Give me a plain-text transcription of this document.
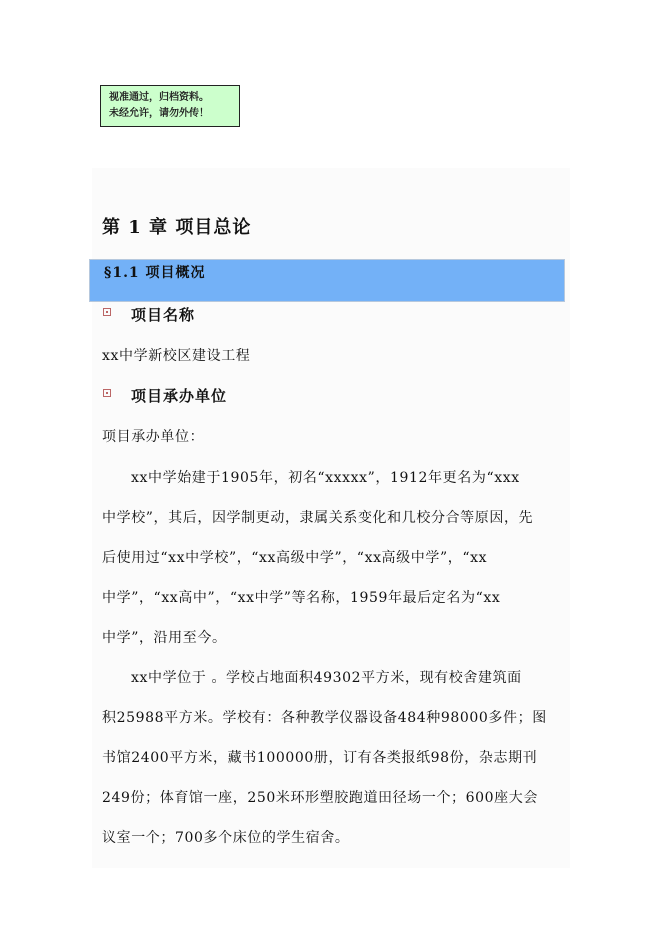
视准通过，归档资料。
未经允许，请勿外传！
第 1 章 项目总论
§1.1 项目概况
项目名称
xx中学新校区建设工程
项目承办单位
项目承办单位：
xx中学始建于1905年，初名“xxxxx”，1912年更名为“xxx
中学校”，其后，因学制更动，隶属关系变化和几校分合等原因，先
后使用过“xx中学校”，“xx高级中学”，“xx高级中学”，“xx
中学”，“xx高中”，“xx中学”等名称，1959年最后定名为“xx
中学”，沿用至今。
xx中学位于 。学校占地面积49302平方米，现有校舍建筑面
积25988平方米。学校有：各种教学仪器设备484种98000多件；图
书馆2400平方米，藏书100000册，订有各类报纸98份，杂志期刊
249份；体育馆一座，250米环形塑胶跑道田径场一个；600座大会
议室一个；700多个床位的学生宿舍。
